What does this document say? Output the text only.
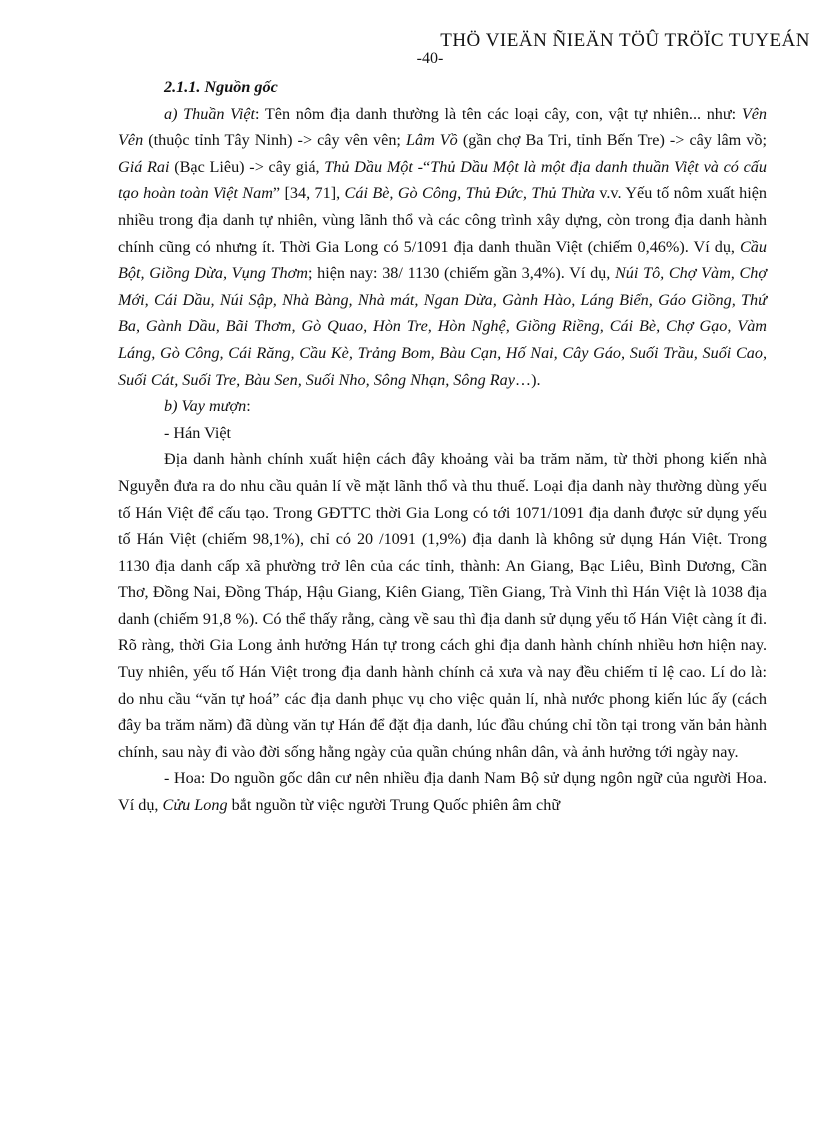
THÖ VIEÄN ÑIEÄN TÖÛ TRÖÏC TUYEÁN
-40-

2.1.1. Nguồn gốc

a) Thuần Việt: Tên nôm địa danh thường là tên các loại cây, con, vật tự nhiên... như: Vên Vên (thuộc tỉnh Tây Ninh) -> cây vên vên; Lâm Vồ (gần chợ Ba Tri, tỉnh Bến Tre) -> cây lâm vồ; Giá Rai (Bạc Liêu) -> cây giá, Thủ Dầu Một -“Thủ Dầu Một là một địa danh thuần Việt và có cấu tạo hoàn toàn Việt Nam” [34, 71], Cái Bè, Gò Công, Thủ Đức, Thủ Thừa v.v. Yếu tố nôm xuất hiện nhiều trong địa danh tự nhiên, vùng lãnh thổ và các công trình xây dựng, còn trong địa danh hành chính cũng có nhưng ít. Thời Gia Long có 5/1091 địa danh thuần Việt (chiếm 0,46%). Ví dụ, Cầu Bột, Giồng Dừa, Vụng Thơm; hiện nay: 38/ 1130 (chiếm gần 3,4%). Ví dụ, Núi Tô, Chợ Vàm, Chợ Mới, Cái Dầu, Núi Sập, Nhà Bàng, Nhà mát, Ngan Dừa, Gành Hào, Láng Biển, Gáo Giồng, Thứ Ba, Gành Dầu, Bãi Thơm, Gò Quao, Hòn Tre, Hòn Nghệ, Giồng Riềng, Cái Bè, Chợ Gạo, Vàm Láng, Gò Công, Cái Răng, Cầu Kè, Trảng Bom, Bàu Cạn, Hố Nai, Cây Gáo, Suối Trầu, Suối Cao, Suối Cát, Suối Tre, Bàu Sen, Suối Nho, Sông Nhạn, Sông Ray…).

b) Vay mượn:

- Hán Việt

Địa danh hành chính xuất hiện cách đây khoảng vài ba trăm năm, từ thời phong kiến nhà Nguyễn đưa ra do nhu cầu quản lí về mặt lãnh thổ và thu thuế. Loại địa danh này thường dùng yếu tố Hán Việt để cấu tạo. Trong GĐTTC thời Gia Long có tới 1071/1091 địa danh được sử dụng yếu tố Hán Việt (chiếm 98,1%), chỉ có 20 /1091 (1,9%) địa danh là không sử dụng Hán Việt. Trong 1130 địa danh cấp xã phường trở lên của các tỉnh, thành: An Giang, Bạc Liêu, Bình Dương, Cần Thơ, Đồng Nai, Đồng Tháp, Hậu Giang, Kiên Giang, Tiền Giang, Trà Vinh thì Hán Việt là 1038 địa danh (chiếm 91,8 %). Có thể thấy rằng, càng về sau thì địa danh sử dụng yếu tố Hán Việt càng ít đi. Rõ ràng, thời Gia Long ảnh hưởng Hán tự trong cách ghi địa danh hành chính nhiều hơn hiện nay. Tuy nhiên, yếu tố Hán Việt trong địa danh hành chính cả xưa và nay đều chiếm tỉ lệ cao. Lí do là: do nhu cầu “văn tự hoá” các địa danh phục vụ cho việc quản lí, nhà nước phong kiến lúc ấy (cách đây ba trăm năm) đã dùng văn tự Hán để đặt địa danh, lúc đầu chúng chỉ tồn tại trong văn bản hành chính, sau này đi vào đời sống hằng ngày của quần chúng nhân dân, và ảnh hưởng tới ngày nay.

- Hoa: Do nguồn gốc dân cư nên nhiều địa danh Nam Bộ sử dụng ngôn ngữ của người Hoa. Ví dụ, Cửu Long bắt nguồn từ việc người Trung Quốc phiên âm chữ
